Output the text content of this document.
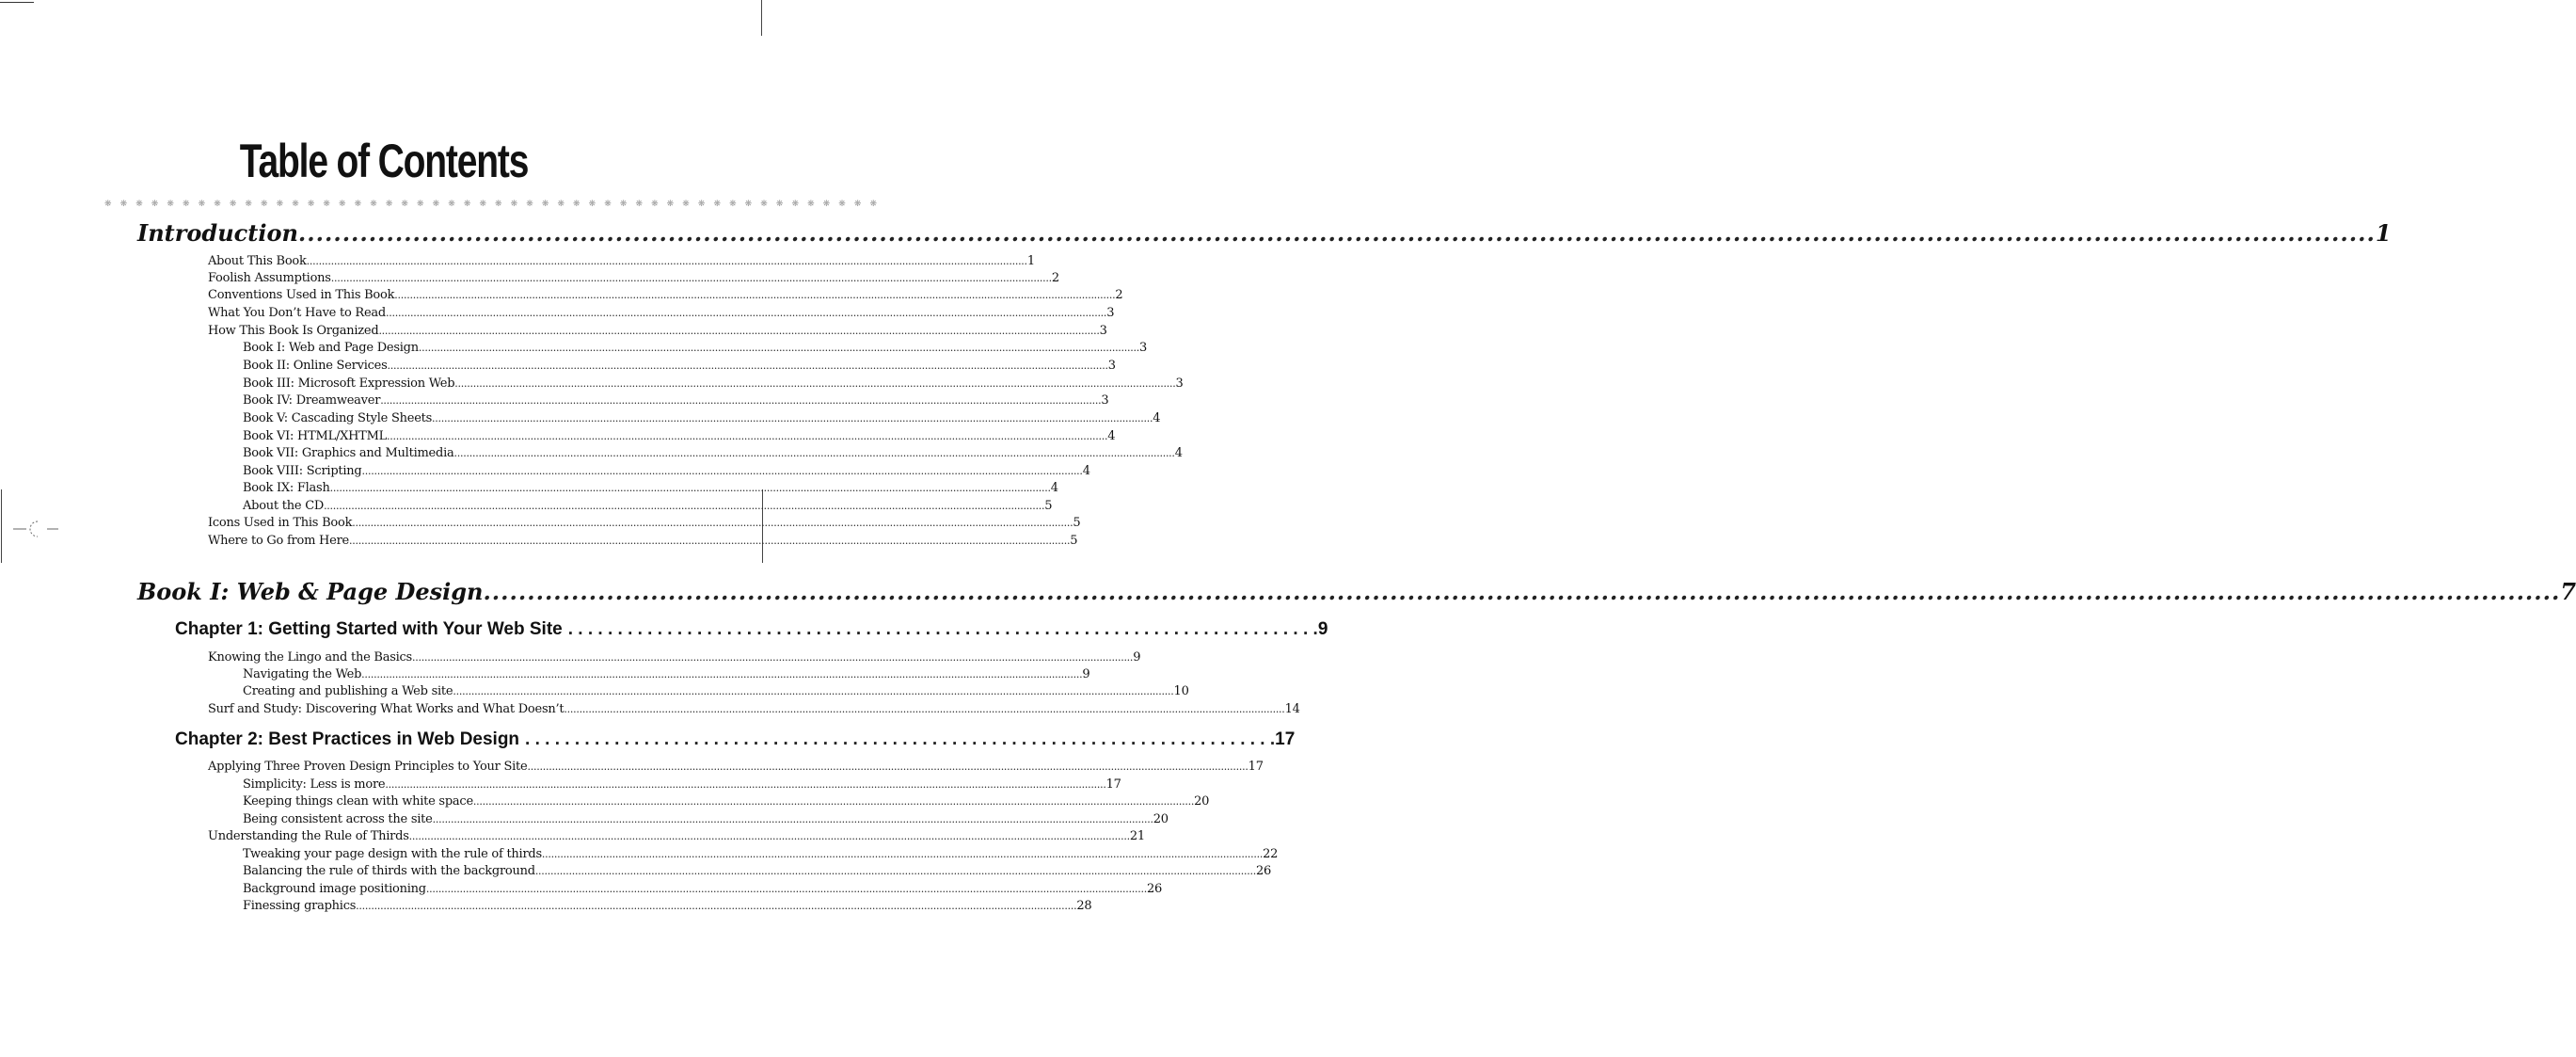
Table of Contents
❋ ❋ ❋ ❋ ❋ ❋ ❋ ❋ ❋ ❋ ❋ ❋ ❋ ❋ ❋ ❋ ❋ ❋ ❋ ❋ ❋ ❋ ❋ ❋ ❋ ❋ ❋ ❋ ❋ ❋ ❋ ❋ ❋ ❋ ❋ ❋ ❋ ❋ ❋ ❋ ❋ ❋ ❋ ❋ ❋ ❋ ❋ ❋ ❋ ❋
Introduction .....	1
About This Book .....	1
Foolish Assumptions .....	2
Conventions Used in This Book .....	2
What You Don’t Have to Read .....	3
How This Book Is Organized .....	3
Book I: Web and Page Design .....	3
Book II: Online Services .....	3
Book III: Microsoft Expression Web .....	3
Book IV: Dreamweaver .....	3
Book V: Cascading Style Sheets .....	4
Book VI: HTML/XHTML .....	4
Book VII: Graphics and Multimedia .....	4
Book VIII: Scripting .....	4
Book IX: Flash .....	4
About the CD .....	5
Icons Used in This Book .....	5
Where to Go from Here .....	5
Book I: Web & Page Design .....	7
Chapter 1: Getting Started with Your Web Site . . .	9
Knowing the Lingo and the Basics .....	9
Navigating the Web .....	9
Creating and publishing a Web site .....	10
Surf and Study: Discovering What Works and What Doesn’t .....	14
Chapter 2: Best Practices in Web Design . . .	17
Applying Three Proven Design Principles to Your Site .....	17
Simplicity: Less is more .....	17
Keeping things clean with white space .....	20
Being consistent across the site .....	20
Understanding the Rule of Thirds .....	21
Tweaking your page design with the rule of thirds .....	22
Balancing the rule of thirds with the background .....	26
Background image positioning .....	26
Finessing graphics .....	28
